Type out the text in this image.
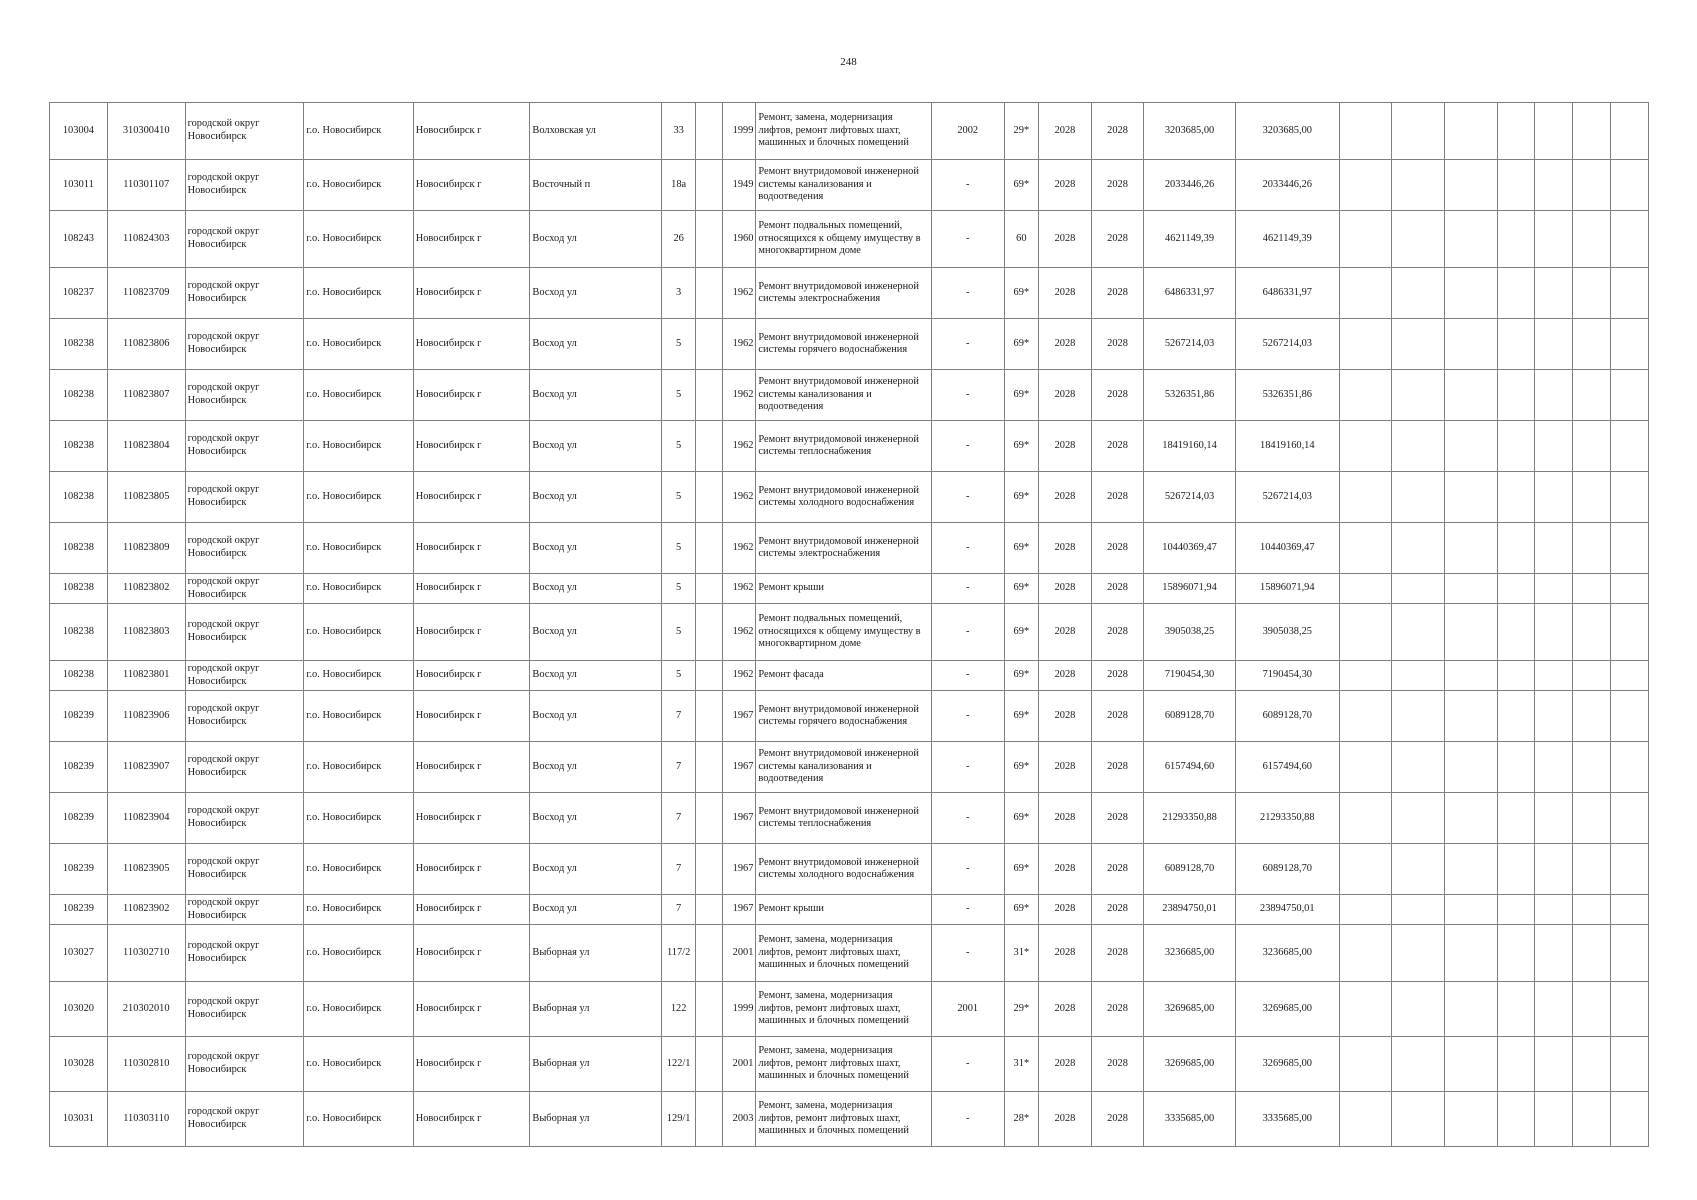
248
103004	310300410	городской округ Новосибирск	г.о. Новосибирск	Новосибирск г	Волховская ул	33		1999	Ремонт, замена, модернизация лифтов, ремонт лифтовых шахт, машинных и блочных помещений	2002	29*	2028	2028	3203685,00	3203685,00							
103011	110301107	городской округ Новосибирск	г.о. Новосибирск	Новосибирск г	Восточный п	18а		1949	Ремонт внутридомовой инженерной системы канализования и водоотведения	-	69*	2028	2028	2033446,26	2033446,26							
108243	110824303	городской округ Новосибирск	г.о. Новосибирск	Новосибирск г	Восход ул	26		1960	Ремонт подвальных помещений, относящихся к общему имуществу в многоквартирном доме	-	60	2028	2028	4621149,39	4621149,39							
108237	110823709	городской округ Новосибирск	г.о. Новосибирск	Новосибирск г	Восход ул	3		1962	Ремонт внутридомовой инженерной системы электроснабжения	-	69*	2028	2028	6486331,97	6486331,97							
108238	110823806	городской округ Новосибирск	г.о. Новосибирск	Новосибирск г	Восход ул	5		1962	Ремонт внутридомовой инженерной системы горячего водоснабжения	-	69*	2028	2028	5267214,03	5267214,03							
108238	110823807	городской округ Новосибирск	г.о. Новосибирск	Новосибирск г	Восход ул	5		1962	Ремонт внутридомовой инженерной системы канализования и водоотведения	-	69*	2028	2028	5326351,86	5326351,86							
108238	110823804	городской округ Новосибирск	г.о. Новосибирск	Новосибирск г	Восход ул	5		1962	Ремонт внутридомовой инженерной системы теплоснабжения	-	69*	2028	2028	18419160,14	18419160,14							
108238	110823805	городской округ Новосибирск	г.о. Новосибирск	Новосибирск г	Восход ул	5		1962	Ремонт внутридомовой инженерной системы холодного водоснабжения	-	69*	2028	2028	5267214,03	5267214,03							
108238	110823809	городской округ Новосибирск	г.о. Новосибирск	Новосибирск г	Восход ул	5		1962	Ремонт внутридомовой инженерной системы электроснабжения	-	69*	2028	2028	10440369,47	10440369,47							
108238	110823802	городской округ Новосибирск	г.о. Новосибирск	Новосибирск г	Восход ул	5		1962	Ремонт крыши	-	69*	2028	2028	15896071,94	15896071,94							
108238	110823803	городской округ Новосибирск	г.о. Новосибирск	Новосибирск г	Восход ул	5		1962	Ремонт подвальных помещений, относящихся к общему имуществу в многоквартирном доме	-	69*	2028	2028	3905038,25	3905038,25							
108238	110823801	городской округ Новосибирск	г.о. Новосибирск	Новосибирск г	Восход ул	5		1962	Ремонт фасада	-	69*	2028	2028	7190454,30	7190454,30							
108239	110823906	городской округ Новосибирск	г.о. Новосибирск	Новосибирск г	Восход ул	7		1967	Ремонт внутридомовой инженерной системы горячего водоснабжения	-	69*	2028	2028	6089128,70	6089128,70							
108239	110823907	городской округ Новосибирск	г.о. Новосибирск	Новосибирск г	Восход ул	7		1967	Ремонт внутридомовой инженерной системы канализования и водоотведения	-	69*	2028	2028	6157494,60	6157494,60							
108239	110823904	городской округ Новосибирск	г.о. Новосибирск	Новосибирск г	Восход ул	7		1967	Ремонт внутридомовой инженерной системы теплоснабжения	-	69*	2028	2028	21293350,88	21293350,88							
108239	110823905	городской округ Новосибирск	г.о. Новосибирск	Новосибирск г	Восход ул	7		1967	Ремонт внутридомовой инженерной системы холодного водоснабжения	-	69*	2028	2028	6089128,70	6089128,70							
108239	110823902	городской округ Новосибирск	г.о. Новосибирск	Новосибирск г	Восход ул	7		1967	Ремонт крыши	-	69*	2028	2028	23894750,01	23894750,01							
103027	110302710	городской округ Новосибирск	г.о. Новосибирск	Новосибирск г	Выборная ул	117/2		2001	Ремонт, замена, модернизация лифтов, ремонт лифтовых шахт, машинных и блочных помещений	-	31*	2028	2028	3236685,00	3236685,00							
103020	210302010	городской округ Новосибирск	г.о. Новосибирск	Новосибирск г	Выборная ул	122		1999	Ремонт, замена, модернизация лифтов, ремонт лифтовых шахт, машинных и блочных помещений	2001	29*	2028	2028	3269685,00	3269685,00							
103028	110302810	городской округ Новосибирск	г.о. Новосибирск	Новосибирск г	Выборная ул	122/1		2001	Ремонт, замена, модернизация лифтов, ремонт лифтовых шахт, машинных и блочных помещений	-	31*	2028	2028	3269685,00	3269685,00							
103031	110303110	городской округ Новосибирск	г.о. Новосибирск	Новосибирск г	Выборная ул	129/1		2003	Ремонт, замена, модернизация лифтов, ремонт лифтовых шахт, машинных и блочных помещений	-	28*	2028	2028	3335685,00	3335685,00							
